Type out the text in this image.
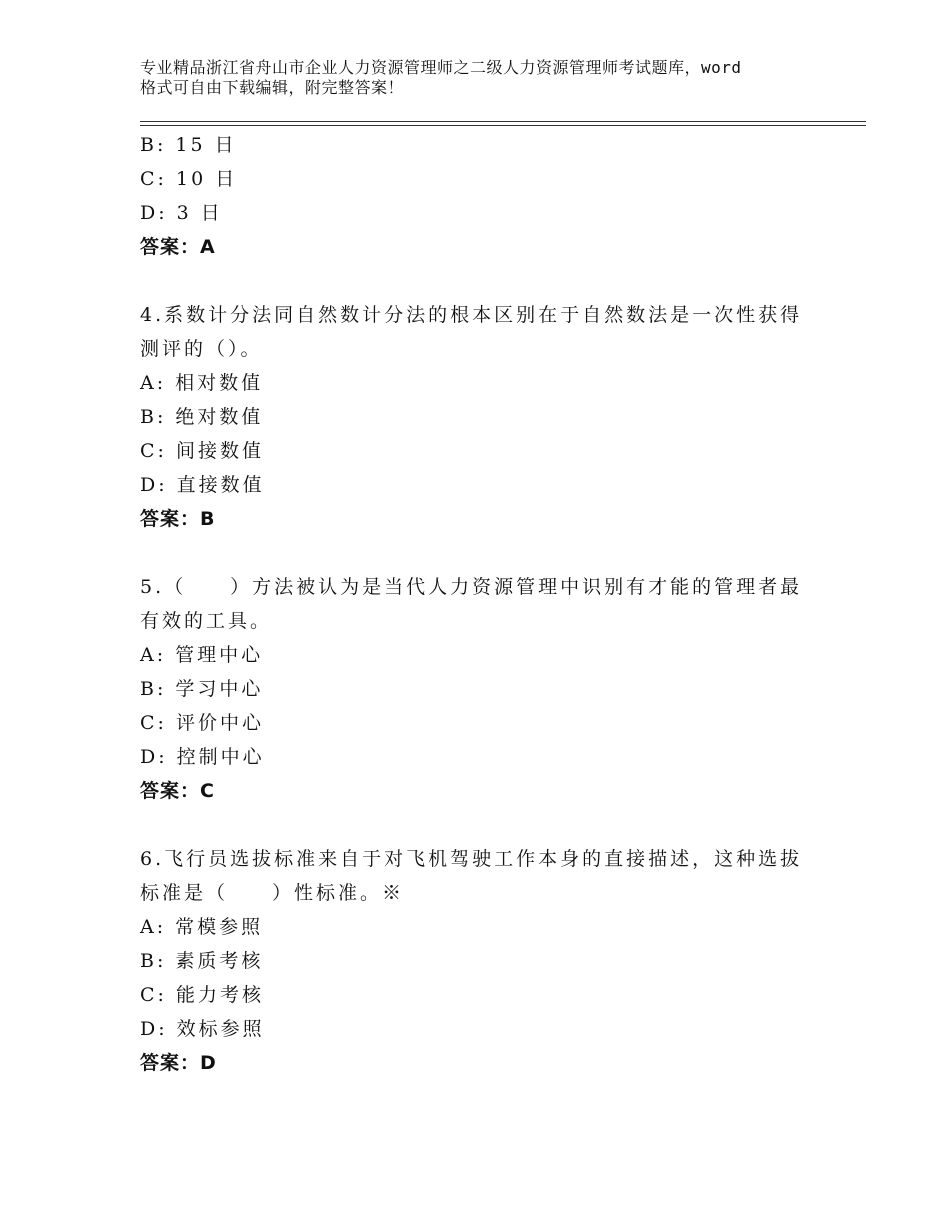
专业精品浙江省舟山市企业人力资源管理师之二级人力资源管理师考试题库，word
格式可自由下载编辑，附完整答案！
B: 15 日
C: 10 日
D: 3 日
答案：A
4.系数计分法同自然数计分法的根本区别在于自然数法是一次性获得
测评的（）。
A: 相对数值
B: 绝对数值
C: 间接数值
D: 直接数值
答案：B
5.（　　）方法被认为是当代人力资源管理中识别有才能的管理者最
有效的工具。
A: 管理中心
B: 学习中心
C: 评价中心
D: 控制中心
答案：C
6.飞行员选拔标准来自于对飞机驾驶工作本身的直接描述，这种选拔
标准是（　　）性标准。※
A: 常模参照
B: 素质考核
C: 能力考核
D: 效标参照
答案：D
